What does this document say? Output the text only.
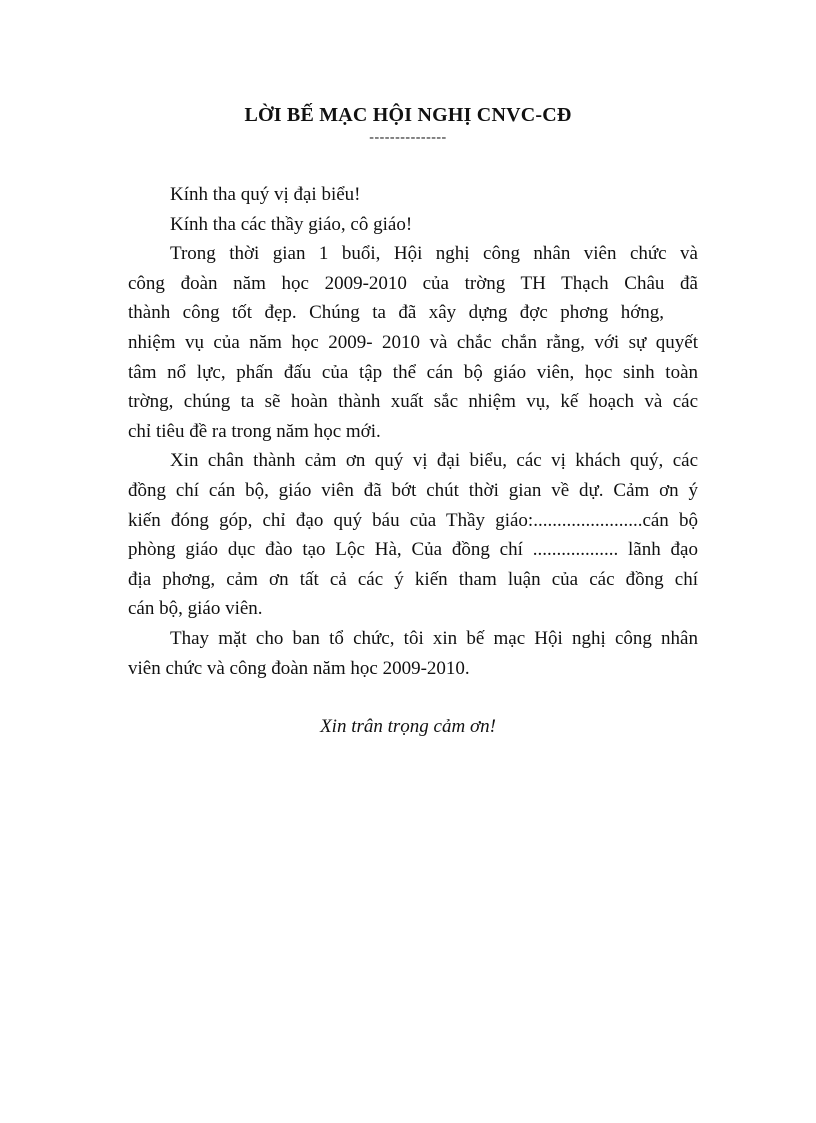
LỜI BẾ MẠC HỘI NGHỊ CNVC-CĐ
---------------
Kính tha quý vị đại biểu!
Kính tha các thầy giáo, cô giáo!
Trong thời gian 1 buổi, Hội nghị công nhân viên chức và
công đoàn năm học 2009-2010 của trờng TH Thạch Châu đã
thành công tốt đẹp. Chúng ta đã xây dựng đợc phơng hớng,
nhiệm vụ của năm học 2009- 2010 và chắc chắn rằng, với sự quyết
tâm nổ lực, phấn đấu của tập thể cán bộ giáo viên, học sinh toàn
trờng, chúng ta sẽ hoàn thành xuất sắc nhiệm vụ, kế hoạch và các
chỉ tiêu đề ra trong năm học mới.
Xin chân thành cảm ơn quý vị đại biểu, các vị khách quý, các
đồng chí cán bộ, giáo viên đã bớt chút thời gian về dự. Cảm ơn ý
kiến đóng góp, chỉ đạo quý báu của Thầy giáo:.......................cán bộ
phòng giáo dục đào tạo Lộc Hà, Của đồng chí .................. lãnh đạo
địa phơng, cảm ơn tất cả các ý kiến tham luận của các đồng chí
cán bộ, giáo viên.
Thay mặt cho ban tổ chức, tôi xin bế mạc Hội nghị công nhân
viên chức và công đoàn năm học 2009-2010.
Xin trân trọng cảm ơn!
